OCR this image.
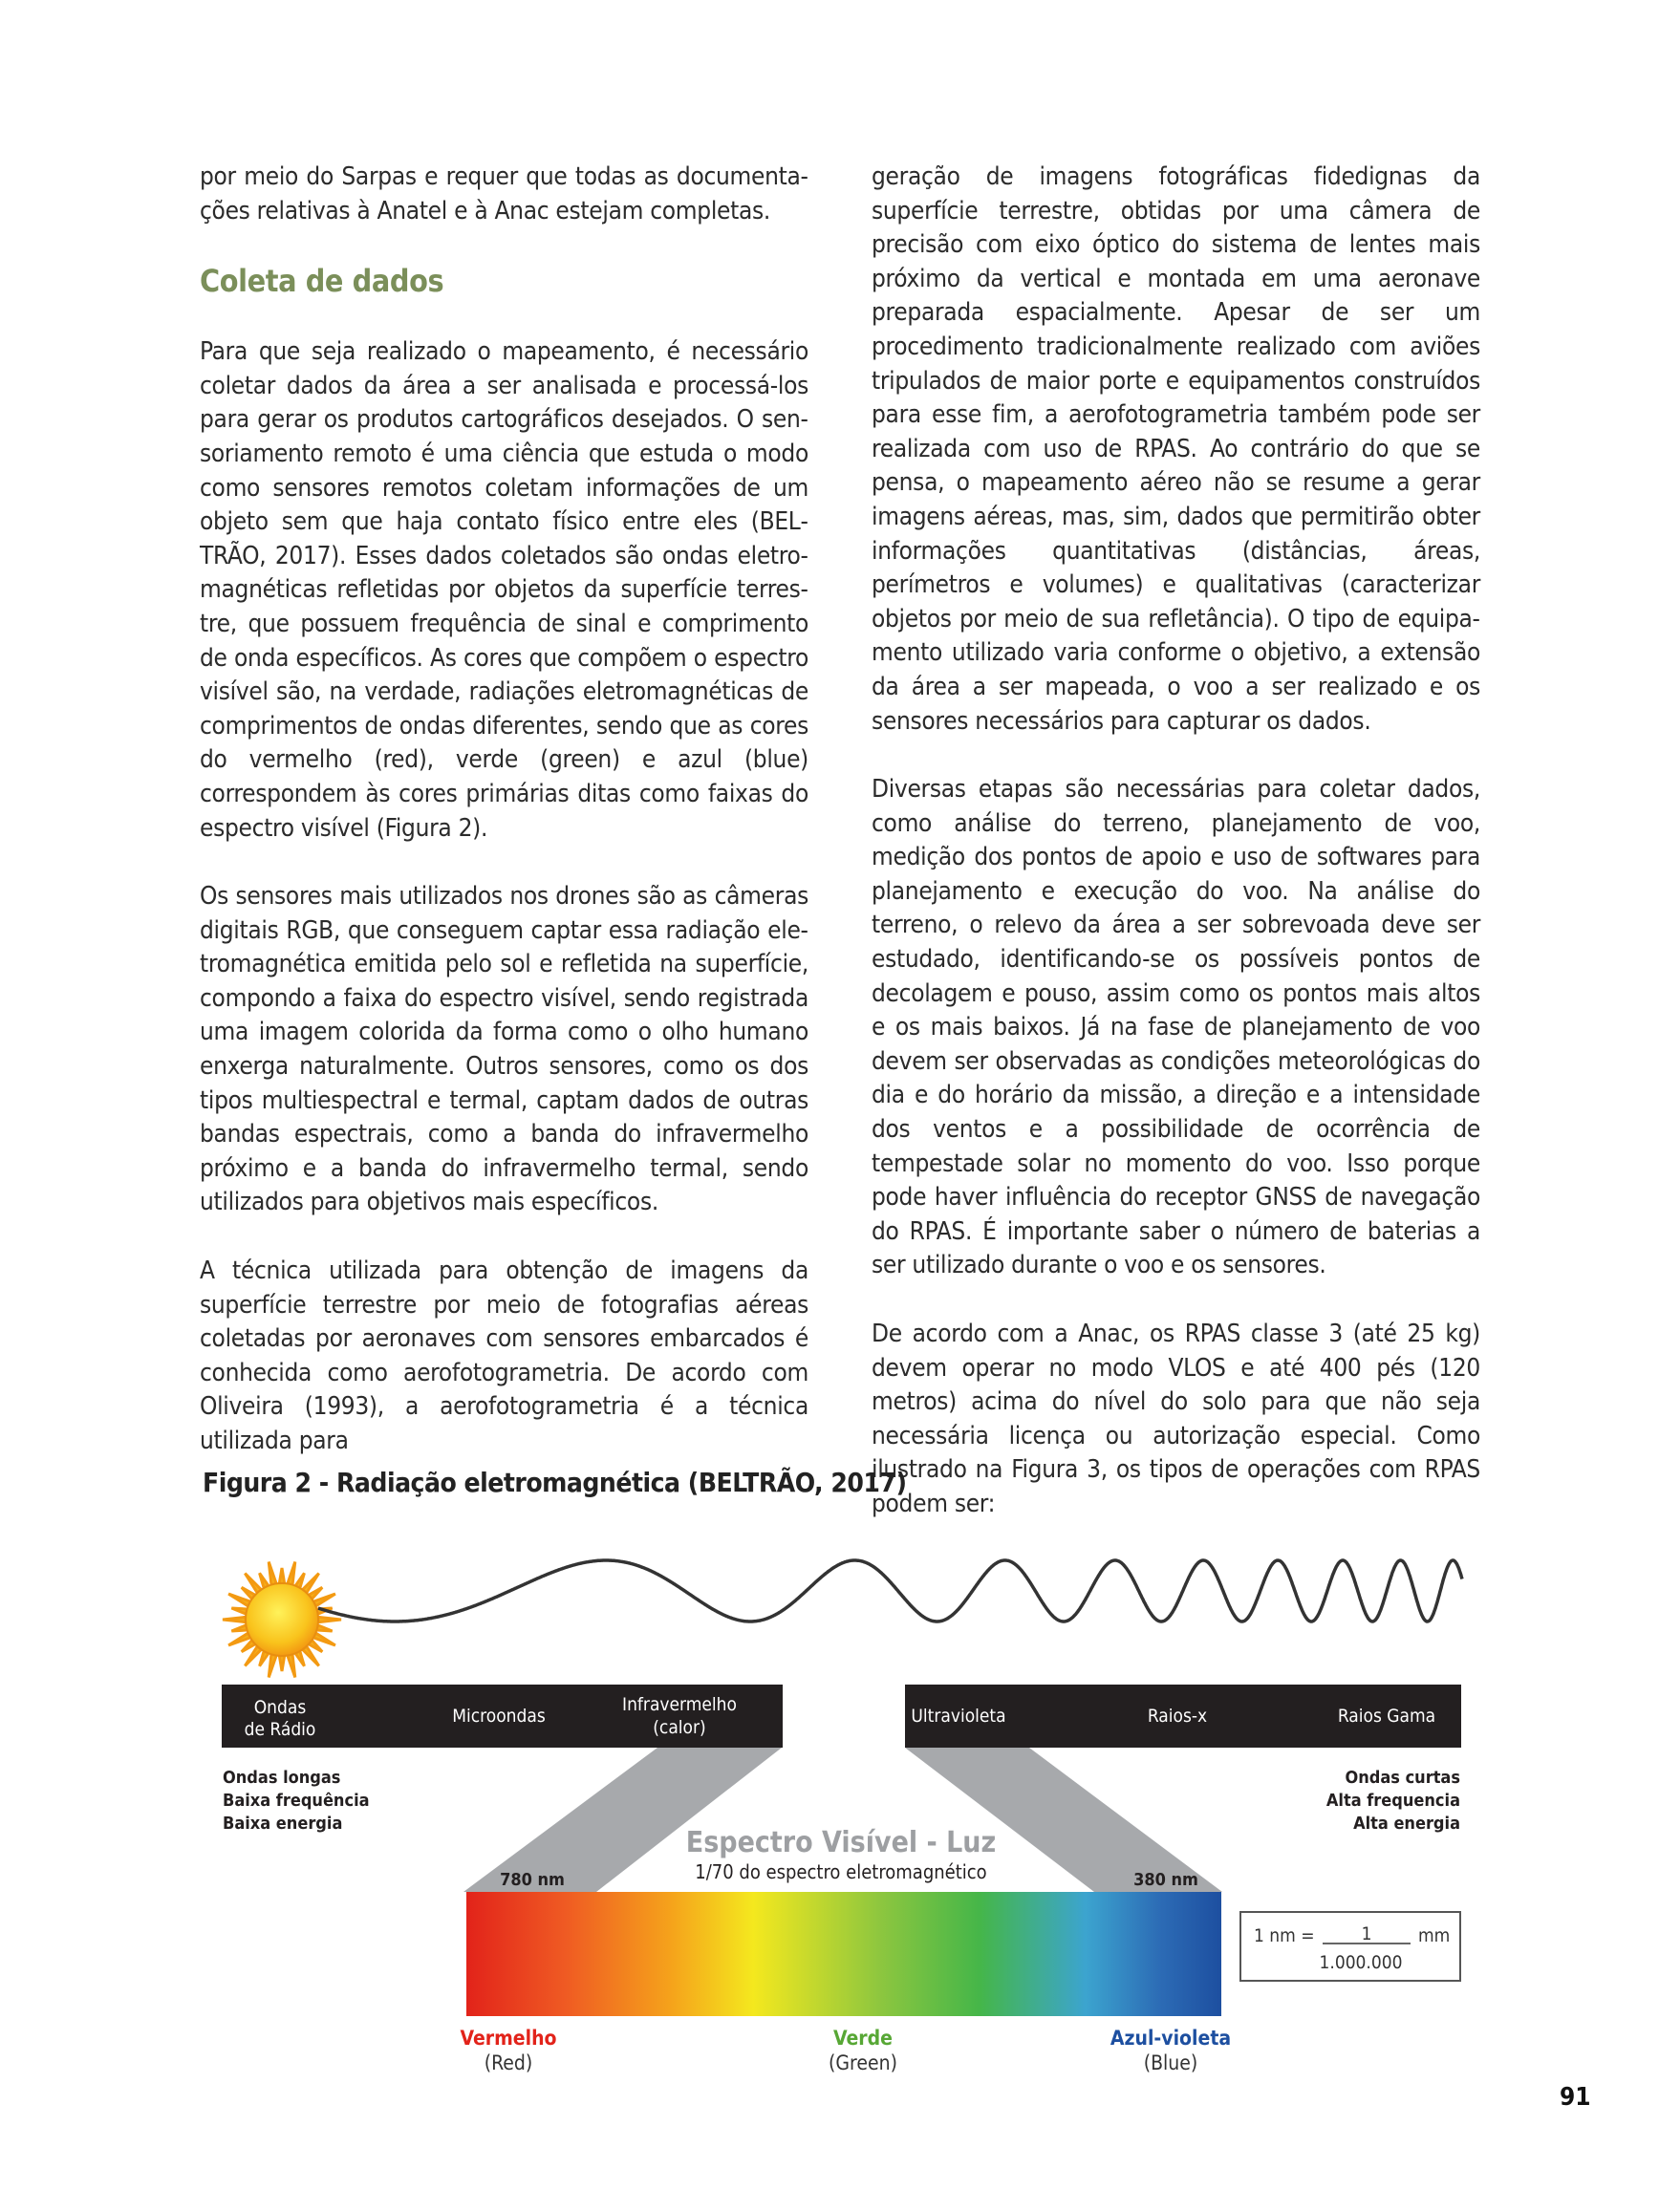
por meio do Sarpas e requer que todas as documentações relativas à Anatel e à Anac estejam completas.

Coleta de dados

Para que seja realizado o mapeamento, é necessário coletar dados da área a ser analisada e processá-los para gerar os produtos cartográficos desejados. O sensoriamento remoto é uma ciência que estuda o modo como sensores remotos coletam informações de um objeto sem que haja contato físico entre eles (BELTRÃO, 2017). Esses dados coletados são ondas eletromagnéticas refletidas por objetos da superfície terrestre, que possuem frequência de sinal e comprimento de onda específicos. As cores que compõem o espectro visível são, na verdade, radiações eletromagnéticas de comprimentos de ondas diferentes, sendo que as cores do vermelho (red), verde (green) e azul (blue) correspondem às cores primárias ditas como faixas do espectro visível (Figura 2).

Os sensores mais utilizados nos drones são as câmeras digitais RGB, que conseguem captar essa radiação eletromagnética emitida pelo sol e refletida na superfície, compondo a faixa do espectro visível, sendo registrada uma imagem colorida da forma como o olho humano enxerga naturalmente. Outros sensores, como os dos tipos multiespectral e termal, captam dados de outras bandas espectrais, como a banda do infravermelho próximo e a banda do infravermelho termal, sendo utilizados para objetivos mais específicos.

A técnica utilizada para obtenção de imagens da superfície terrestre por meio de fotografias aéreas coletadas por aeronaves com sensores embarcados é conhecida como aerofotogrametria. De acordo com Oliveira (1993), a aerofotogrametria é a técnica utilizada para

geração de imagens fotográficas fidedignas da superfície terrestre, obtidas por uma câmera de precisão com eixo óptico do sistema de lentes mais próximo da vertical e montada em uma aeronave preparada espacialmente. Apesar de ser um procedimento tradicionalmente realizado com aviões tripulados de maior porte e equipamentos construídos para esse fim, a aerofotogrametria também pode ser realizada com uso de RPAS. Ao contrário do que se pensa, o mapeamento aéreo não se resume a gerar imagens aéreas, mas, sim, dados que permitirão obter informações quantitativas (distâncias, áreas, perímetros e volumes) e qualitativas (caracterizar objetos por meio de sua refletância). O tipo de equipamento utilizado varia conforme o objetivo, a extensão da área a ser mapeada, o voo a ser realizado e os sensores necessários para capturar os dados.

Diversas etapas são necessárias para coletar dados, como análise do terreno, planejamento de voo, medição dos pontos de apoio e uso de softwares para planejamento e execução do voo. Na análise do terreno, o relevo da área a ser sobrevoada deve ser estudado, identificando-se os possíveis pontos de decolagem e pouso, assim como os pontos mais altos e os mais baixos. Já na fase de planejamento de voo devem ser observadas as condições meteorológicas do dia e do horário da missão, a direção e a intensidade dos ventos e a possibilidade de ocorrência de tempestade solar no momento do voo. Isso porque pode haver influência do receptor GNSS de navegação do RPAS. É importante saber o número de baterias a ser utilizado durante o voo e os sensores.

De acordo com a Anac, os RPAS classe 3 (até 25 kg) devem operar no modo VLOS e até 400 pés (120 metros) acima do nível do solo para que não seja necessária licença ou autorização especial. Como ilustrado na Figura 3, os tipos de operações com RPAS podem ser:

Figura 2 - Radiação eletromagnética (BELTRÃO, 2017)
Ondas
de Rádio
Microondas
Infravermelho
(calor)
Ultravioleta	Raios-x	Raios Gama
Ondas longas
Baixa frequência
Baixa energia
Ondas curtas
Alta frequencia
Alta energia
Espectro Visível - Luz
1/70 do espectro eletromagnético
780 nm	380 nm
1 nm =	1	mm
1.000.000
Vermelho
(Red)
Verde
(Green)
Azul-violeta
(Blue)
91
